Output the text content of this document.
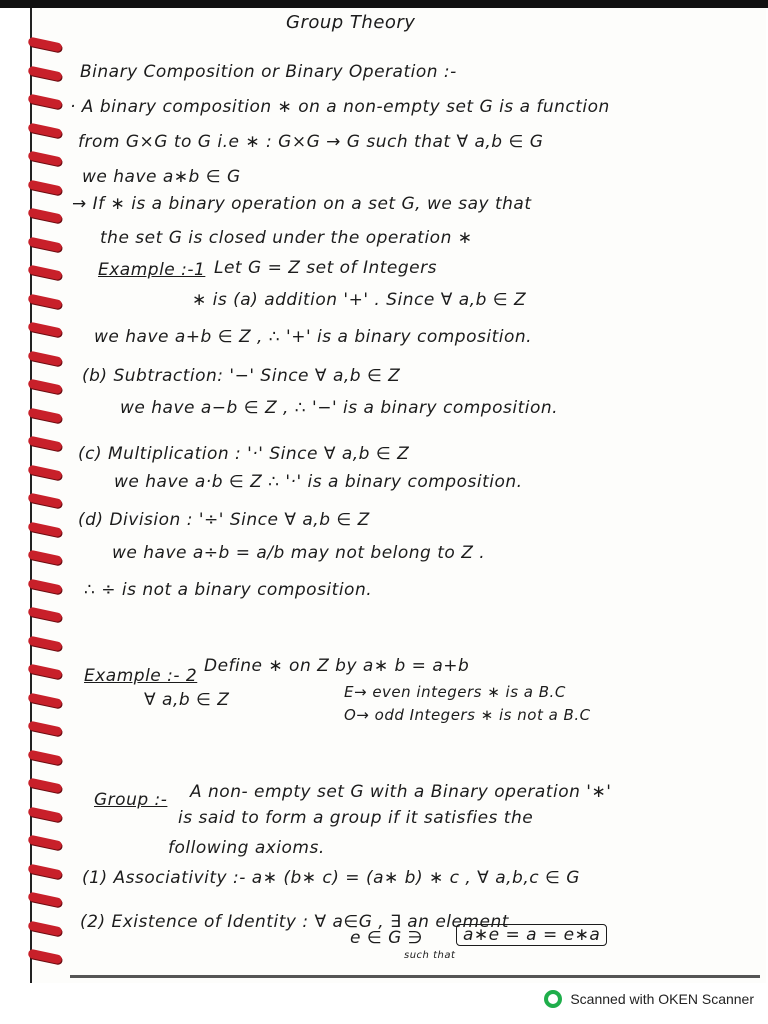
Group Theory
Binary Composition or Binary Operation :-
· A binary composition ∗ on a non-empty set G is a function
from G×G to G i.e ∗ : G×G → G such that ∀ a,b ∈ G
we have a∗b ∈ G
→ If ∗ is a binary operation on a set G, we say that
the set G is closed under the operation ∗
Example :-1 Let G = Z set of Integers
∗ is (a) addition '+' . Since ∀ a,b ∈ Z
we have a+b ∈ Z , ∴ '+' is a binary composition.
(b) Subtraction: '−' Since ∀ a,b ∈ Z
we have a−b ∈ Z , ∴ '−' is a binary composition.
(c) Multiplication : '·' Since ∀ a,b ∈ Z
we have a·b ∈ Z ∴ '·' is a binary composition.
(d) Division : '÷' Since ∀ a,b ∈ Z
we have a÷b = a/b may not belong to Z .
∴ ÷ is not a binary composition.
Example :- 2 Define ∗ on Z by a∗ b = a+b
∀ a,b ∈ Z	E→ even integers ∗ is a B.C
O→ odd Integers ∗ is not a B.C
Group :- A non- empty set G with a Binary operation '∗'
is said to form a group if it satisfies the
following axioms.
(1) Associativity :- a∗ (b∗ c) = (a∗ b) ∗ c , ∀ a,b,c ∈ G
(2) Existence of Identity : ∀ a∈G , ∃ an element
e ∈ G ∋	a∗e = a = e∗a
such that
Scanned with OKEN Scanner
